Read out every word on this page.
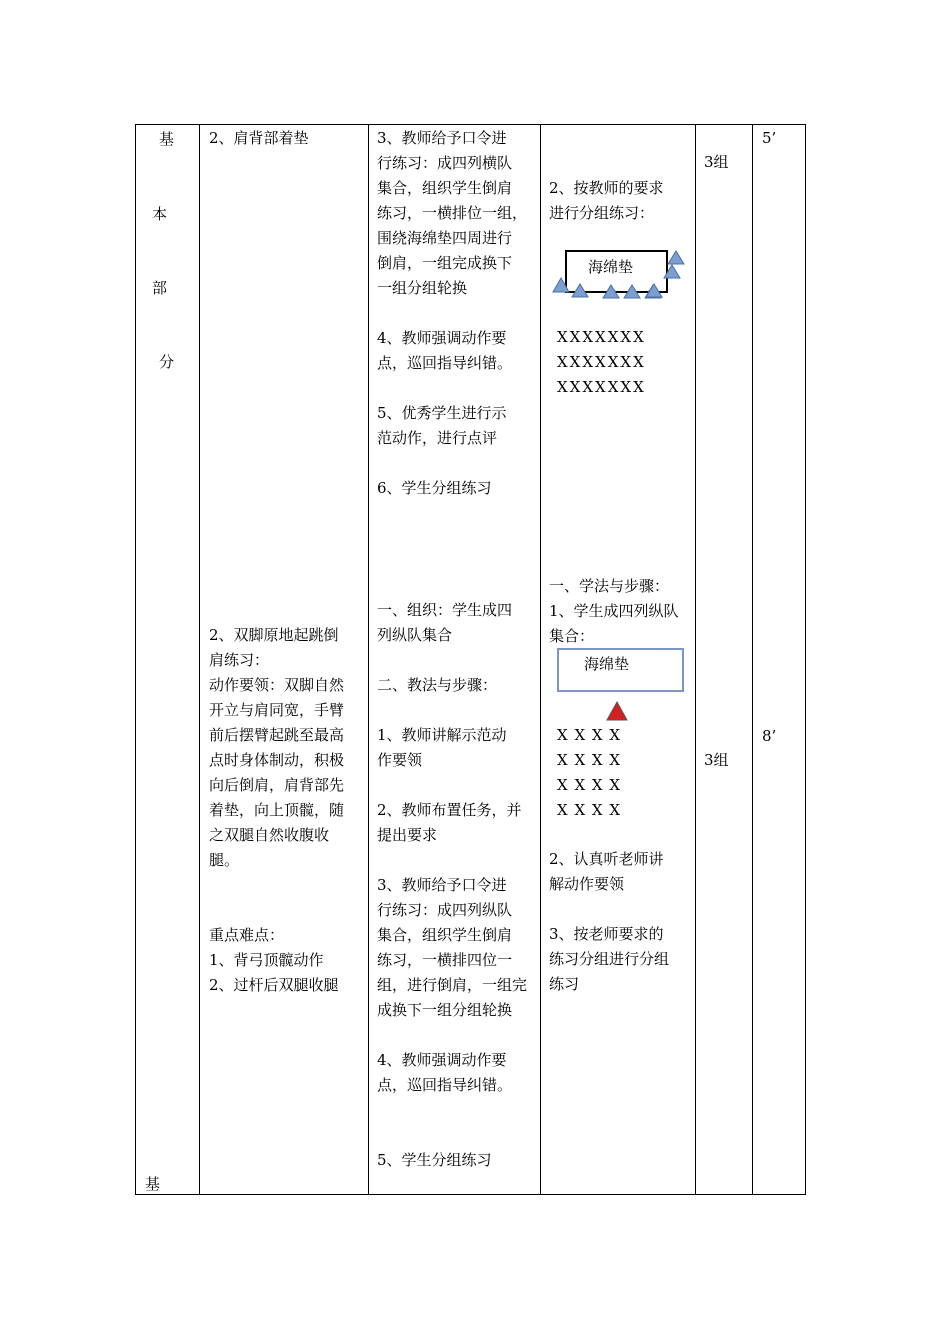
基
本
部
分
基
2、肩背部着垫	3、教师给予口令进
行练习：成四列横队
集合，组织学生倒肩
练习，一横排位一组，
围绕海绵垫四周进行
倒肩，一组完成换下
一组分组轮换
4、教师强调动作要
点，巡回指导纠错。
5、优秀学生进行示
范动作，进行点评
6、学生分组练习
2、按教师的要求
进行分组练习：
海绵垫
XXXXXXX
XXXXXXX
XXXXXXX
3组
5’
2、双脚原地起跳倒
肩练习：
动作要领：双脚自然
开立与肩同宽，手臂
前后摆臂起跳至最高
点时身体制动，积极
向后倒肩，肩背部先
着垫，向上顶髋，随
之双腿自然收腹收
腿。
重点难点：
1、背弓顶髋动作
2、过杆后双腿收腿
一、组织：学生成四
列纵队集合
二、教法与步骤：
1、教师讲解示范动
作要领
2、教师布置任务，并
提出要求
3、教师给予口令进
行练习：成四列纵队
集合，组织学生倒肩
练习，一横排四位一
组，进行倒肩，一组完
成换下一组分组轮换
4、教师强调动作要
点，巡回指导纠错。
5、学生分组练习
一、学法与步骤：
1、学生成四列纵队
集合：
海绵垫
X X X X
X X X X
X X X X
X X X X
2、认真听老师讲
解动作要领
3、按老师要求的
练习分组进行分组
练习
3组
8’
